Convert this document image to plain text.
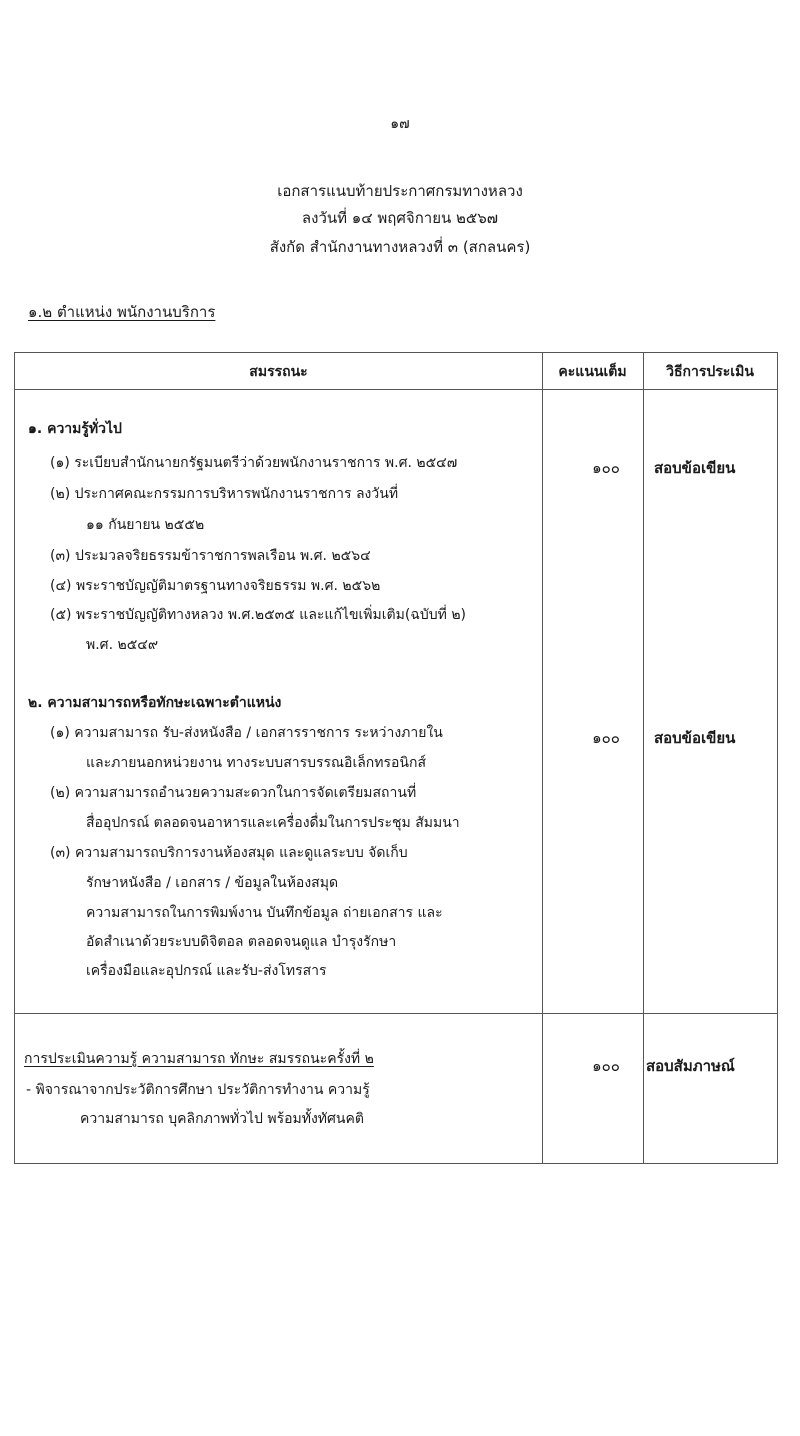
๑๗
เอกสารแนบท้ายประกาศกรมทางหลวง
ลงวันที่ ๑๔ พฤศจิกายน ๒๕๖๗
สังกัด สำนักงานทางหลวงที่ ๓ (สกลนคร)
๑.๒ ตำแหน่ง พนักงานบริการ
สมรรถนะ	คะแนนเต็ม	วิธีการประเมิน
๑. ความรู้ทั่วไป
(๑) ระเบียบสำนักนายกรัฐมนตรีว่าด้วยพนักงานราชการ พ.ศ. ๒๕๔๗
(๒) ประกาศคณะกรรมการบริหารพนักงานราชการ ลงวันที่
๑๑ กันยายน ๒๕๕๒
(๓) ประมวลจริยธรรมข้าราชการพลเรือน พ.ศ. ๒๕๖๔
(๔) พระราชบัญญัติมาตรฐานทางจริยธรรม พ.ศ. ๒๕๖๒
(๕) พระราชบัญญัติทางหลวง พ.ศ.๒๕๓๕ และแก้ไขเพิ่มเติม(ฉบับที่ ๒)
พ.ศ. ๒๕๔๙
๑๐๐	สอบข้อเขียน
๒. ความสามารถหรือทักษะเฉพาะตำแหน่ง
(๑) ความสามารถ รับ-ส่งหนังสือ / เอกสารราชการ ระหว่างภายใน
และภายนอกหน่วยงาน ทางระบบสารบรรณอิเล็กทรอนิกส์
(๒) ความสามารถอำนวยความสะดวกในการจัดเตรียมสถานที่
สื่ออุปกรณ์ ตลอดจนอาหารและเครื่องดื่มในการประชุม สัมมนา
(๓) ความสามารถบริการงานห้องสมุด และดูแลระบบ จัดเก็บ
รักษาหนังสือ / เอกสาร / ข้อมูลในห้องสมุด
ความสามารถในการพิมพ์งาน บันทึกข้อมูล ถ่ายเอกสาร และ
อัดสำเนาด้วยระบบดิจิตอล ตลอดจนดูแล บำรุงรักษา
เครื่องมือและอุปกรณ์ และรับ-ส่งโทรสาร
๑๐๐	สอบข้อเขียน
การประเมินความรู้ ความสามารถ ทักษะ สมรรถนะครั้งที่ ๒
- พิจารณาจากประวัติการศึกษา ประวัติการทำงาน ความรู้
ความสามารถ บุคลิกภาพทั่วไป พร้อมทั้งทัศนคติ
๑๐๐	สอบสัมภาษณ์
